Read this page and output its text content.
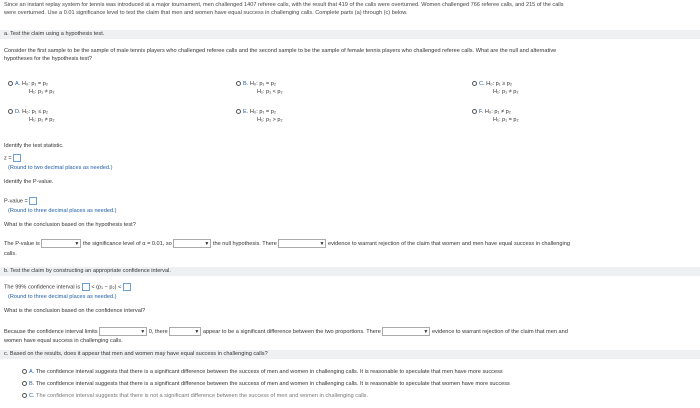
Since an instant replay system for tennis was introduced at a major tournament, men challenged 1407 referee calls, with the result that 419 of the calls were overturned. Women challenged 766 referee calls, and 215 of the calls
were overturned. Use a 0.01 significance level to test the claim that men and women have equal success in challenging calls. Complete parts (a) through (c) below.
a. Test the claim using a hypothesis test.
Consider the first sample to be the sample of male tennis players who challenged referee calls and the second sample to be the sample of female tennis players who challenged referee calls. What are the null and alternative
hypotheses for the hypothesis test?
A. H₀: p₁ = p₂
H₁: p₁ ≠ p₂
B. H₀: p₁ = p₂
H₁: p₁ < p₂
C. H₀: p₁ ≥ p₂
H₁: p₁ ≠ p₂
D. H₀: p₁ ≤ p₂
H₁: p₁ ≠ p₂
E. H₀: p₁ = p₂
H₁: p₁ > p₂
F. H₀: p₁ ≠ p₂
H₁: p₁ = p₂
Identify the test statistic.
z =
(Round to two decimal places as needed.)
Identify the P-value.
P-value =
(Round to three decimal places as needed.)
What is the conclusion based on the hypothesis test?
The P-value is	▼ the significance level of α = 0.01, so	▼ the null hypothesis. There	▼ evidence to warrant rejection of the claim that women and men have equal success in challenging
calls.
b. Test the claim by constructing an appropriate confidence interval.
The 99% confidence interval is < (p₁ − p₂) <
(Round to three decimal places as needed.)
What is the conclusion based on the confidence interval?
Because the confidence interval limits	▼ 0, there	▼ appear to be a significant difference between the two proportions. There	▼ evidence to warrant rejection of the claim that men and
women have equal success in challenging calls.
c. Based on the results, does it appear that men and women may have equal success in challenging calls?
A. The confidence interval suggests that there is a significant difference between the success of men and women in challenging calls. It is reasonable to speculate that men have more success
B. The confidence interval suggests that there is a significant difference between the success of men and women in challenging calls. It is reasonable to speculate that women have more success
C. The confidence interval suggests that there is not a significant difference between the success of men and women in challenging calls.
